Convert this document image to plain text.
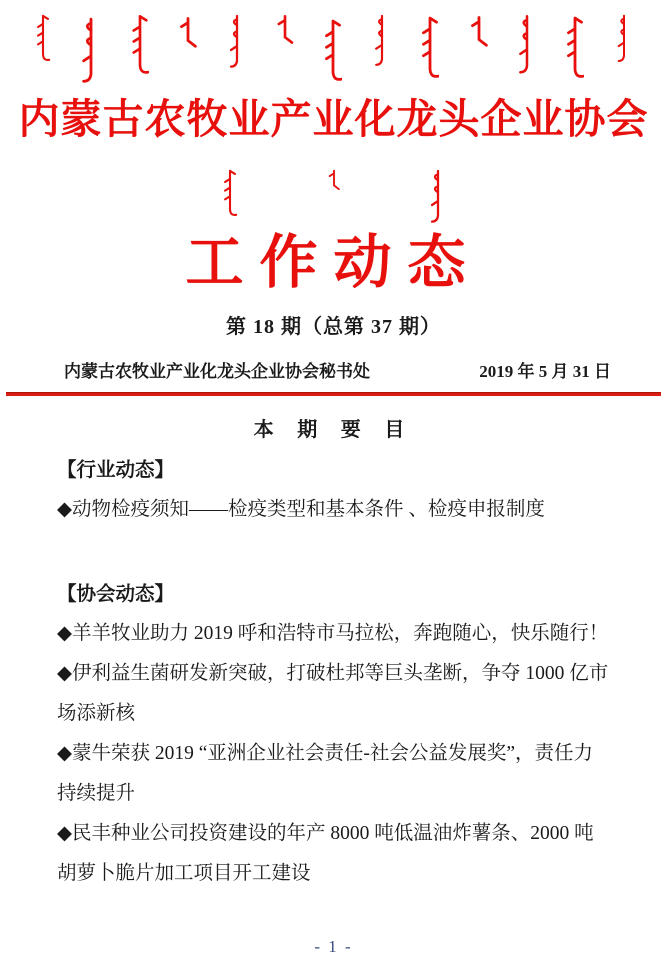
内蒙古农牧业产业化龙头企业协会
工作动态
第 18 期（总第 37 期）
内蒙古农牧业产业化龙头企业协会秘书处	2019 年 5 月 31 日
本 期 要 目
【行业动态】

◆动物检疫须知——检疫类型和基本条件 、检疫申报制度

【协会动态】

◆羊羊牧业助力 2019 呼和浩特市马拉松，奔跑随心，快乐随行！

◆伊利益生菌研发新突破，打破杜邦等巨头垄断，争夺 1000 亿市场添新核

◆蒙牛荣获 2019 “亚洲企业社会责任-社会公益发展奖”，责任力持续提升

◆民丰种业公司投资建设的年产 8000 吨低温油炸薯条、2000 吨胡萝卜脆片加工项目开工建设

- 1 -
